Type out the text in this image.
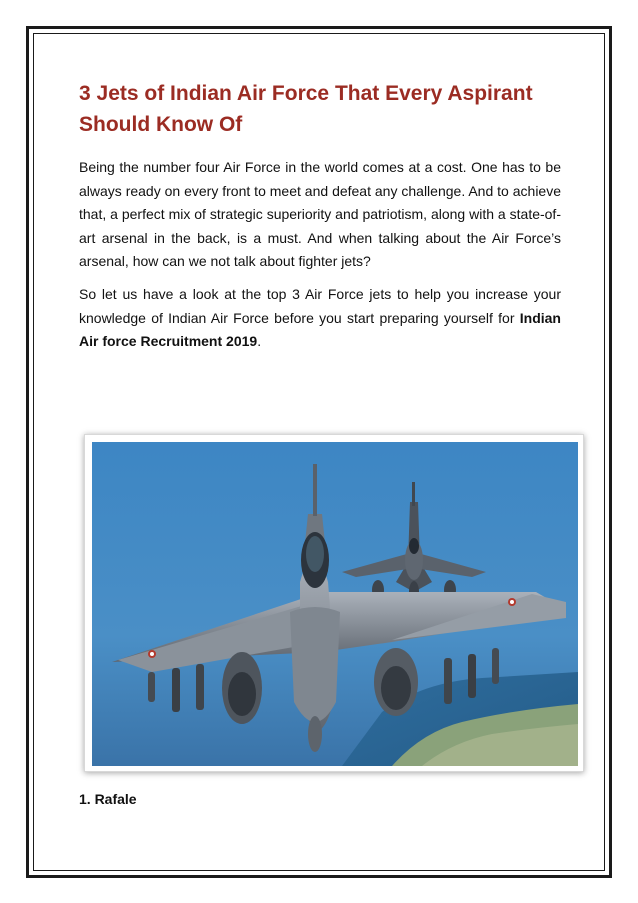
3 Jets of Indian Air Force That Every Aspirant Should Know Of

Being the number four Air Force in the world comes at a cost. One has to be always ready on every front to meet and defeat any challenge. And to achieve that, a perfect mix of strategic superiority and patriotism, along with a state-of-art arsenal in the back, is a must. And when talking about the Air Force’s arsenal, how can we not talk about fighter jets?

So let us have a look at the top 3 Air Force jets to help you increase your knowledge of Indian Air Force before you start preparing yourself for Indian Air force Recruitment 2019.

1. Rafale
